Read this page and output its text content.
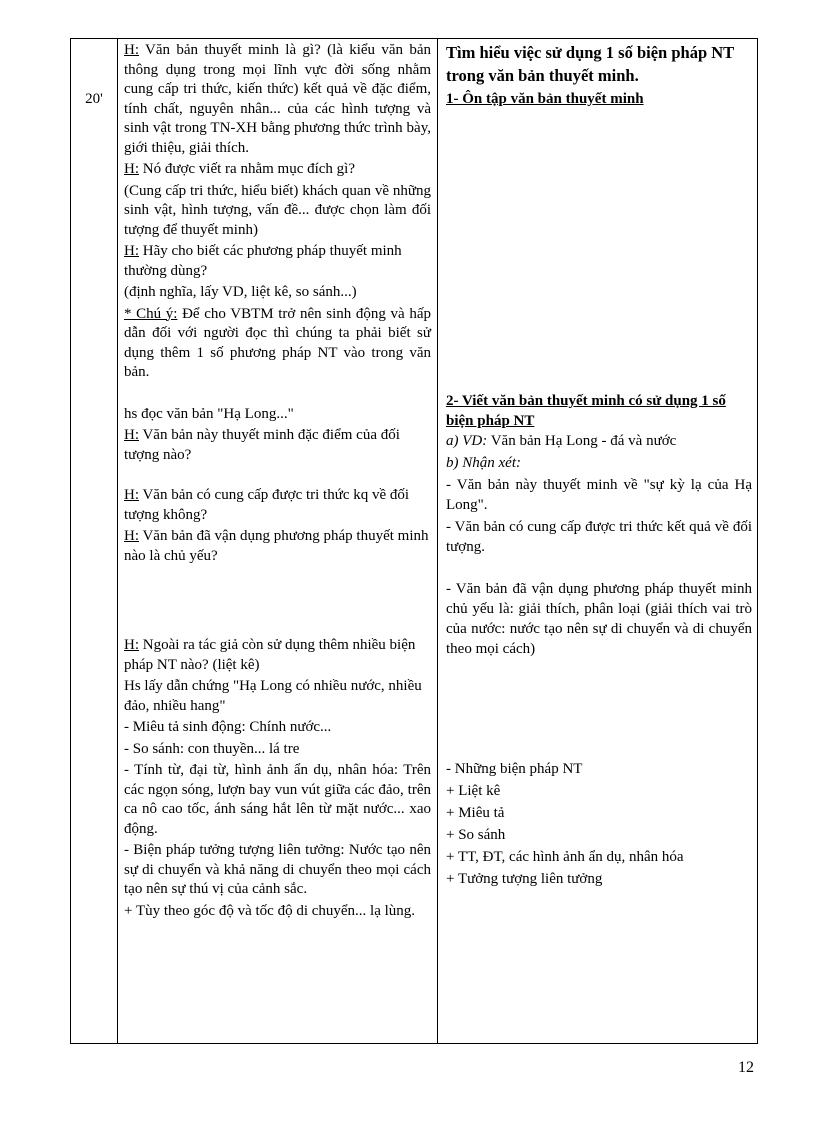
20'

H: Văn bản thuyết minh là gì? (là kiểu văn bản thông dụng trong mọi lĩnh vực đời sống nhằm cung cấp tri thức, kiến thức) kết quả về đặc điểm, tính chất, nguyên nhân... của các hình tượng và sinh vật trong TN-XH bằng phương thức trình bày, giới thiệu, giải thích.

H: Nó được viết ra nhằm mục đích gì?

(Cung cấp tri thức, hiểu biết) khách quan về những sinh vật, hình tượng, vấn đề... được chọn làm đối tượng để thuyết minh)

H: Hãy cho biết các phương pháp thuyết minh thường dùng?

(định nghĩa, lấy VD, liệt kê, so sánh...)

* Chú ý: Để cho VBTM trở nên sinh động và hấp dẫn đối với người đọc thì chúng ta phải biết sử dụng thêm 1 số phương pháp NT vào trong văn bản.

hs đọc văn bản "Hạ Long..."

H: Văn bản này thuyết minh đặc điểm của đối tượng nào?

H: Văn bản có cung cấp được tri thức kq về đối tượng không?

H: Văn bản đã vận dụng phương pháp thuyết minh nào là chủ yếu?

H: Ngoài ra tác giả còn sử dụng thêm nhiều biện pháp NT nào? (liệt kê)

Hs lấy dẫn chứng "Hạ Long có nhiều nước, nhiều đảo, nhiều hang"

- Miêu tả sinh động: Chính nước...

- So sánh: con thuyền... lá tre

- Tính từ, đại từ, hình ảnh ẩn dụ, nhân hóa: Trên các ngọn sóng, lượn bay vun vút giữa các đảo, trên ca nô cao tốc, ánh sáng hắt lên từ mặt nước... xao động.

- Biện pháp tưởng tượng liên tưởng: Nước tạo nên sự di chuyển và khả năng di chuyển theo mọi cách tạo nên sự thú vị của cảnh sắc.

+ Tùy theo góc độ và tốc độ di chuyển... lạ lùng.

Tìm hiểu việc sử dụng 1 số biện pháp NT trong văn bản thuyết minh.

1- Ôn tập văn bản thuyết minh

2- Viết văn bản thuyết minh có sử dụng 1 số biện pháp NT

a) VD: Văn bản Hạ Long - đá và nước

b) Nhận xét:

- Văn bản này thuyết minh về "sự kỳ lạ của Hạ Long".

- Văn bản có cung cấp được tri thức kết quả về đối tượng.

- Văn bản đã vận dụng phương pháp thuyết minh chủ yếu là: giải thích, phân loại (giải thích vai trò của nước: nước tạo nên sự di chuyển và di chuyển theo mọi cách)

- Những biện pháp NT

+ Liệt kê

+ Miêu tả

+ So sánh

+ TT, ĐT, các hình ảnh ẩn dụ, nhân hóa

+ Tưởng tượng liên tưởng

12
